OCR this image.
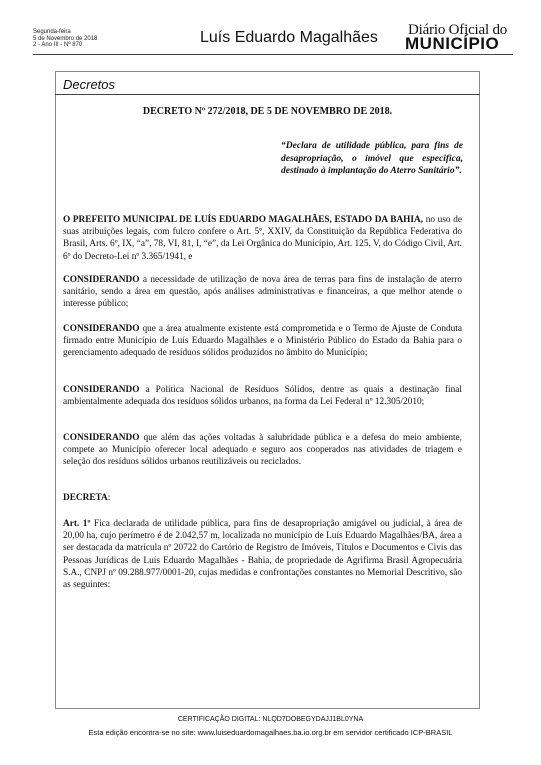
Segunda-feira
5 de Novembro de 2018
2 - Ano III - Nº 870	Luís Eduardo Magalhães Diário Oficial do
MUNICÍPIO
Decretos
DECRETO Nº 272/2018, DE 5 DE NOVEMBRO DE 2018.
“Declara de utilidade pública, para fins de desapropriação, o imóvel que especifica, destinado à implantação do Aterro Sanitário”.
O PREFEITO MUNICIPAL DE LUÍS EDUARDO MAGALHÃES, ESTADO DA BAHIA, no uso de suas atribuições legais, com fulcro confere o Art. 5º, XXIV, da Constituição da República Federativa do Brasil, Arts. 6º, IX, “a”, 78, VI, 81, I, “e”, da Lei Orgânica do Município, Art. 125, V, do Código Civil, Art. 6º do Decreto-Lei nº 3.365/1941, e
CONSIDERANDO a necessidade de utilização de nova área de terras para fins de instalação de aterro sanitário, sendo a área em questão, após análises administrativas e financeiras, a que melhor atende o interesse público;
CONSIDERANDO que a área atualmente existente está comprometida e o Termo de Ajuste de Conduta firmado entre Município de Luís Eduardo Magalhães e o Ministério Público do Estado da Bahia para o gerenciamento adequado de resíduos sólidos produzidos no âmbito do Município;
CONSIDERANDO a Política Nacional de Resíduos Sólidos, dentre as quais a destinação final ambientalmente adequada dos resíduos sólidos urbanos, na forma da Lei Federal nº 12.305/2010;
CONSIDERANDO que além das ações voltadas à salubridade pública e a defesa do meio ambiente, compete ao Município oferecer local adequado e seguro aos cooperados nas atividades de triagem e seleção dos resíduos sólidos urbanos reutilizáveis ou reciclados.
DECRETA:
Art. 1º Fica declarada de utilidade pública, para fins de desapropriação amigável ou judicial, à área de 20,00 ha, cujo perímetro é de 2.042,57 m, localizada no município de Luís Eduardo Magalhães/BA, área a ser destacada da matrícula nº 20722 do Cartório de Registro de Imóveis, Títulos e Documentos e Civis das Pessoas Jurídicas de Luís Eduardo Magalhães - Bahia, de propriedade de Agrifirma Brasil Agropecuária S.A., CNPJ nº 09.288.977/0001-20, cujas medidas e confrontações constantes no Memorial Descritivo, são as seguintes:
CERTIFICAÇÃO DIGITAL: NLQD7DOBEGYDAJJ1BL0YNA
Esta edição encontra-se no site: www.luiseduardomagalhaes.ba.io.org.br em servidor certificado ICP-BRASIL
